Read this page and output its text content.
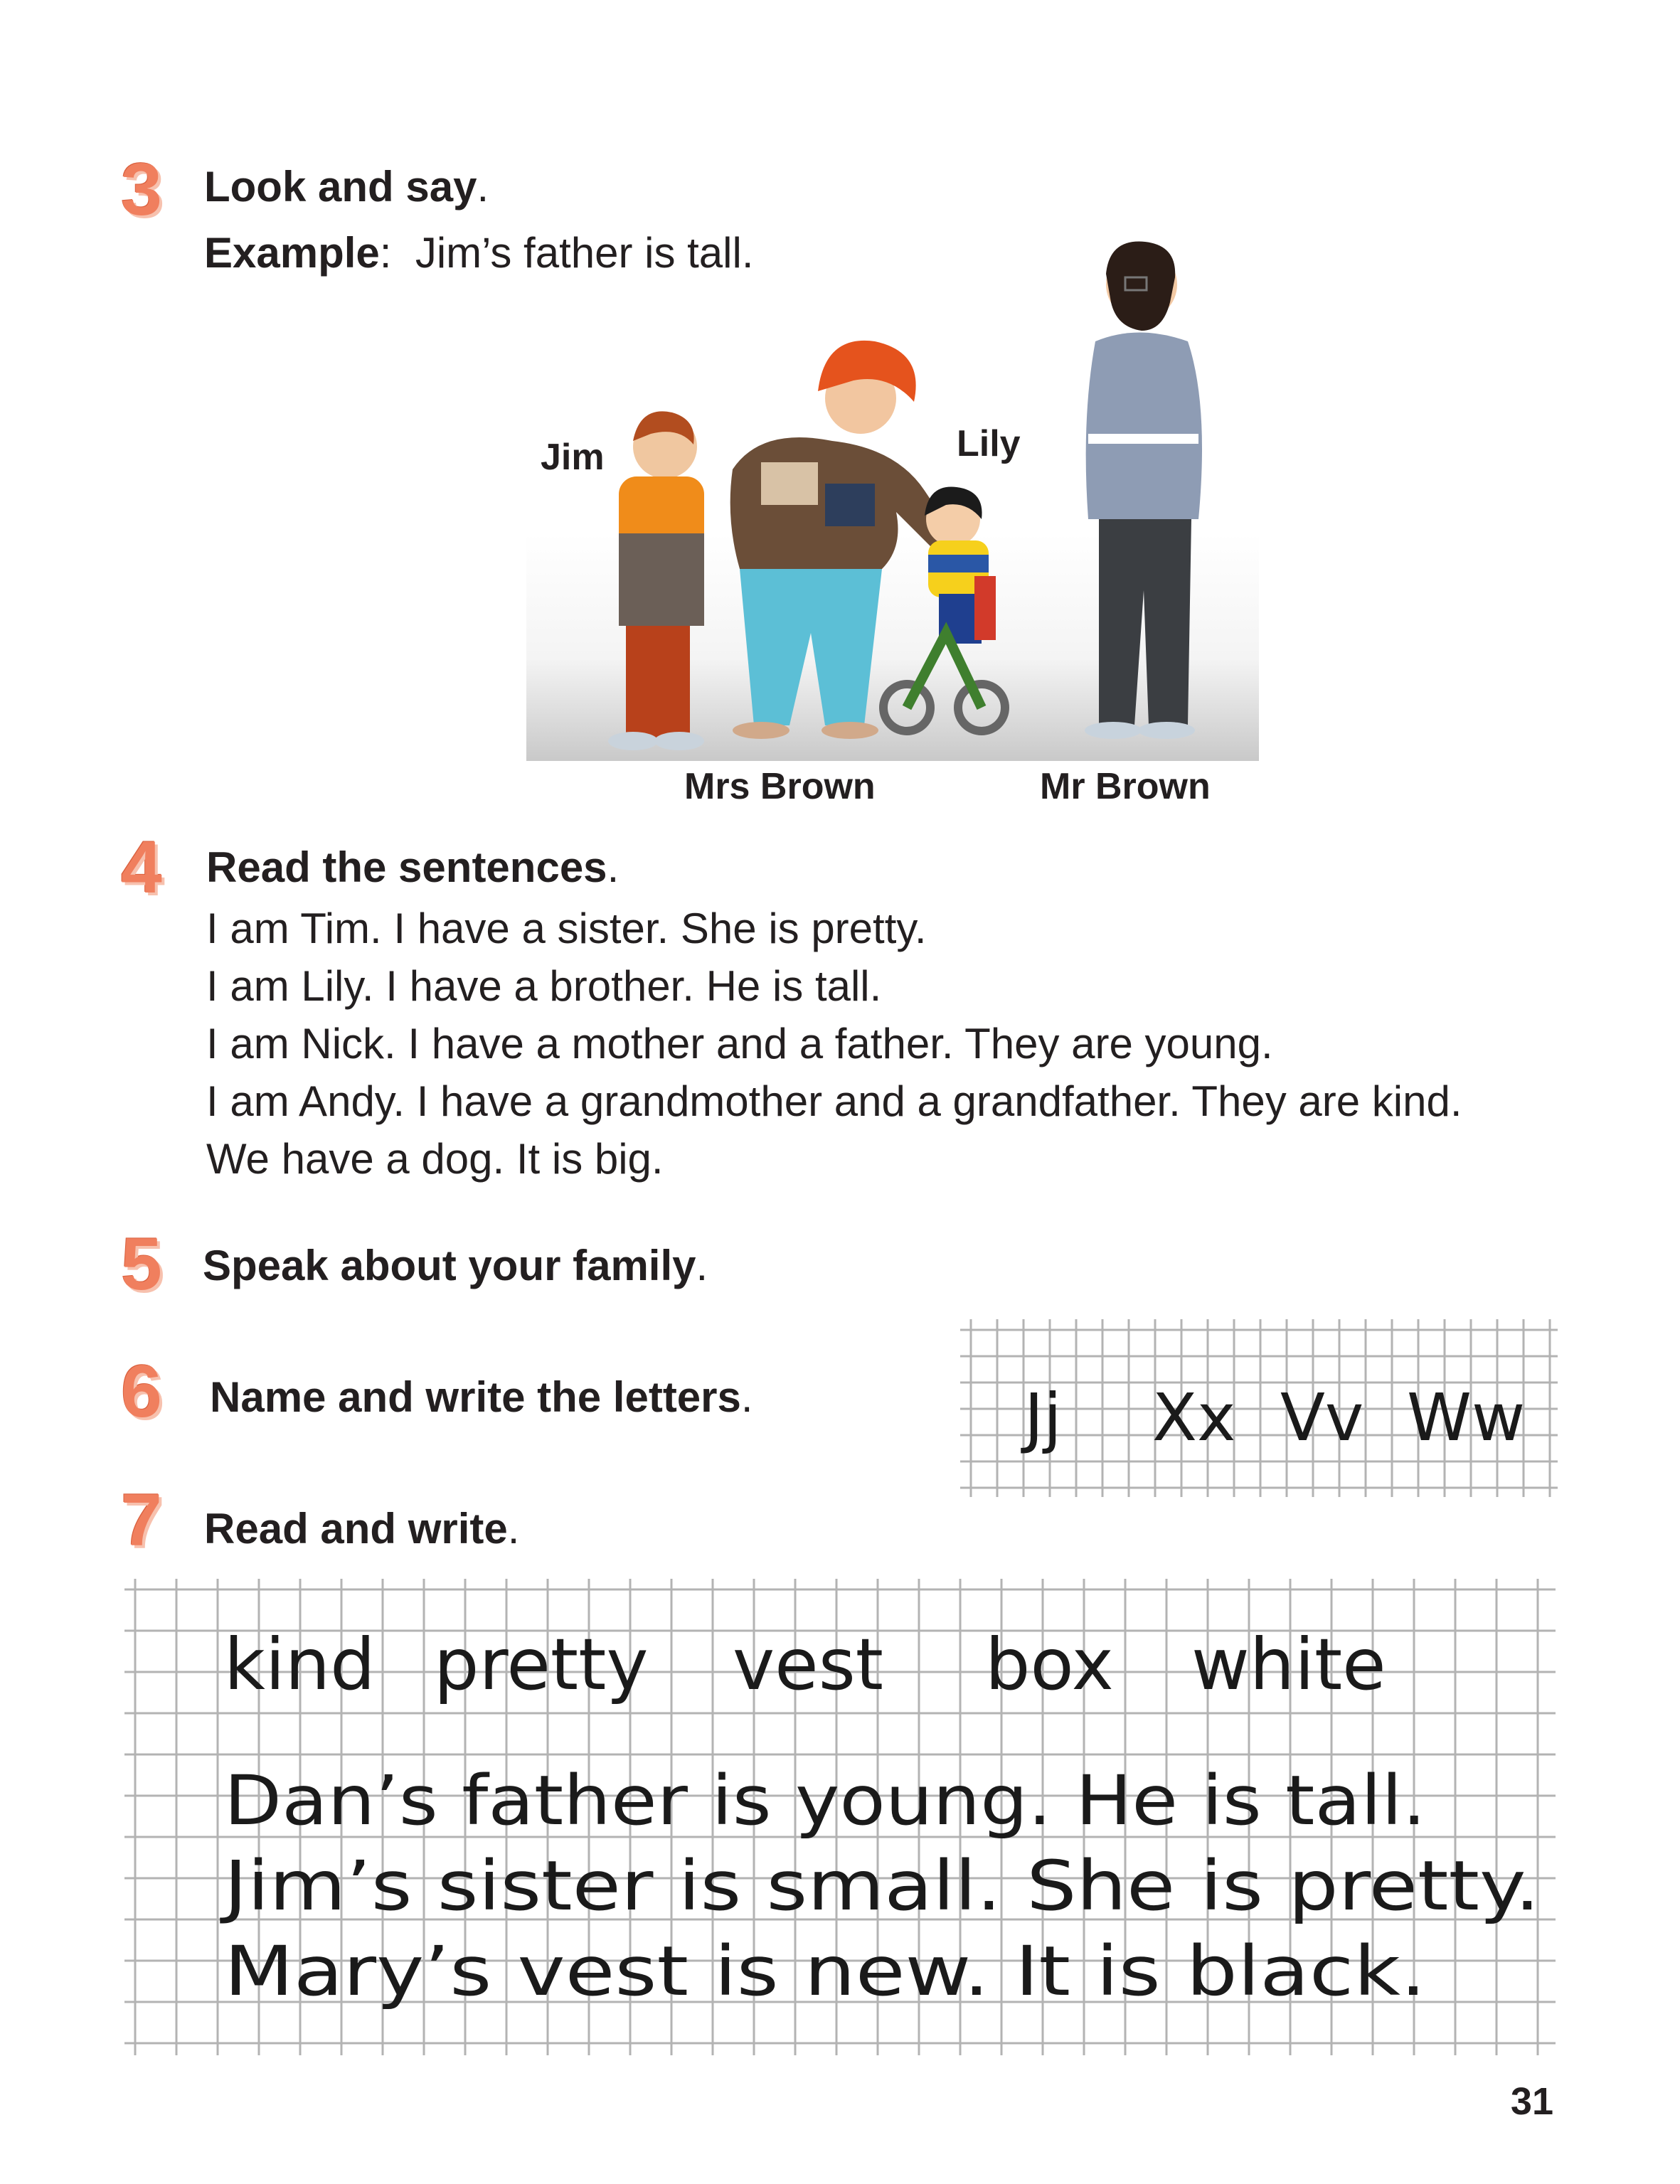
3 Look and say.
Example: Jim’s father is tall.
Jim	Lily
Mrs Brown	Mr Brown
4 Read the sentences.
I am Tim. I have a sister. She is pretty.
I am Lily. I have a brother. He is tall.
I am Nick. I have a mother and a father. They are young.
I am Andy. I have a grandmother and a grandfather. They are kind.
We have a dog. It is big.
5 Speak about your family.
6 Name and write the letters.	Jj Xx Vv Ww
7 Read and write.
kind pretty vest box white
Dan’s father is young. He is tall.
Jim’s sister is small. She is pretty.
Mary’s vest is new. It is black.
31
